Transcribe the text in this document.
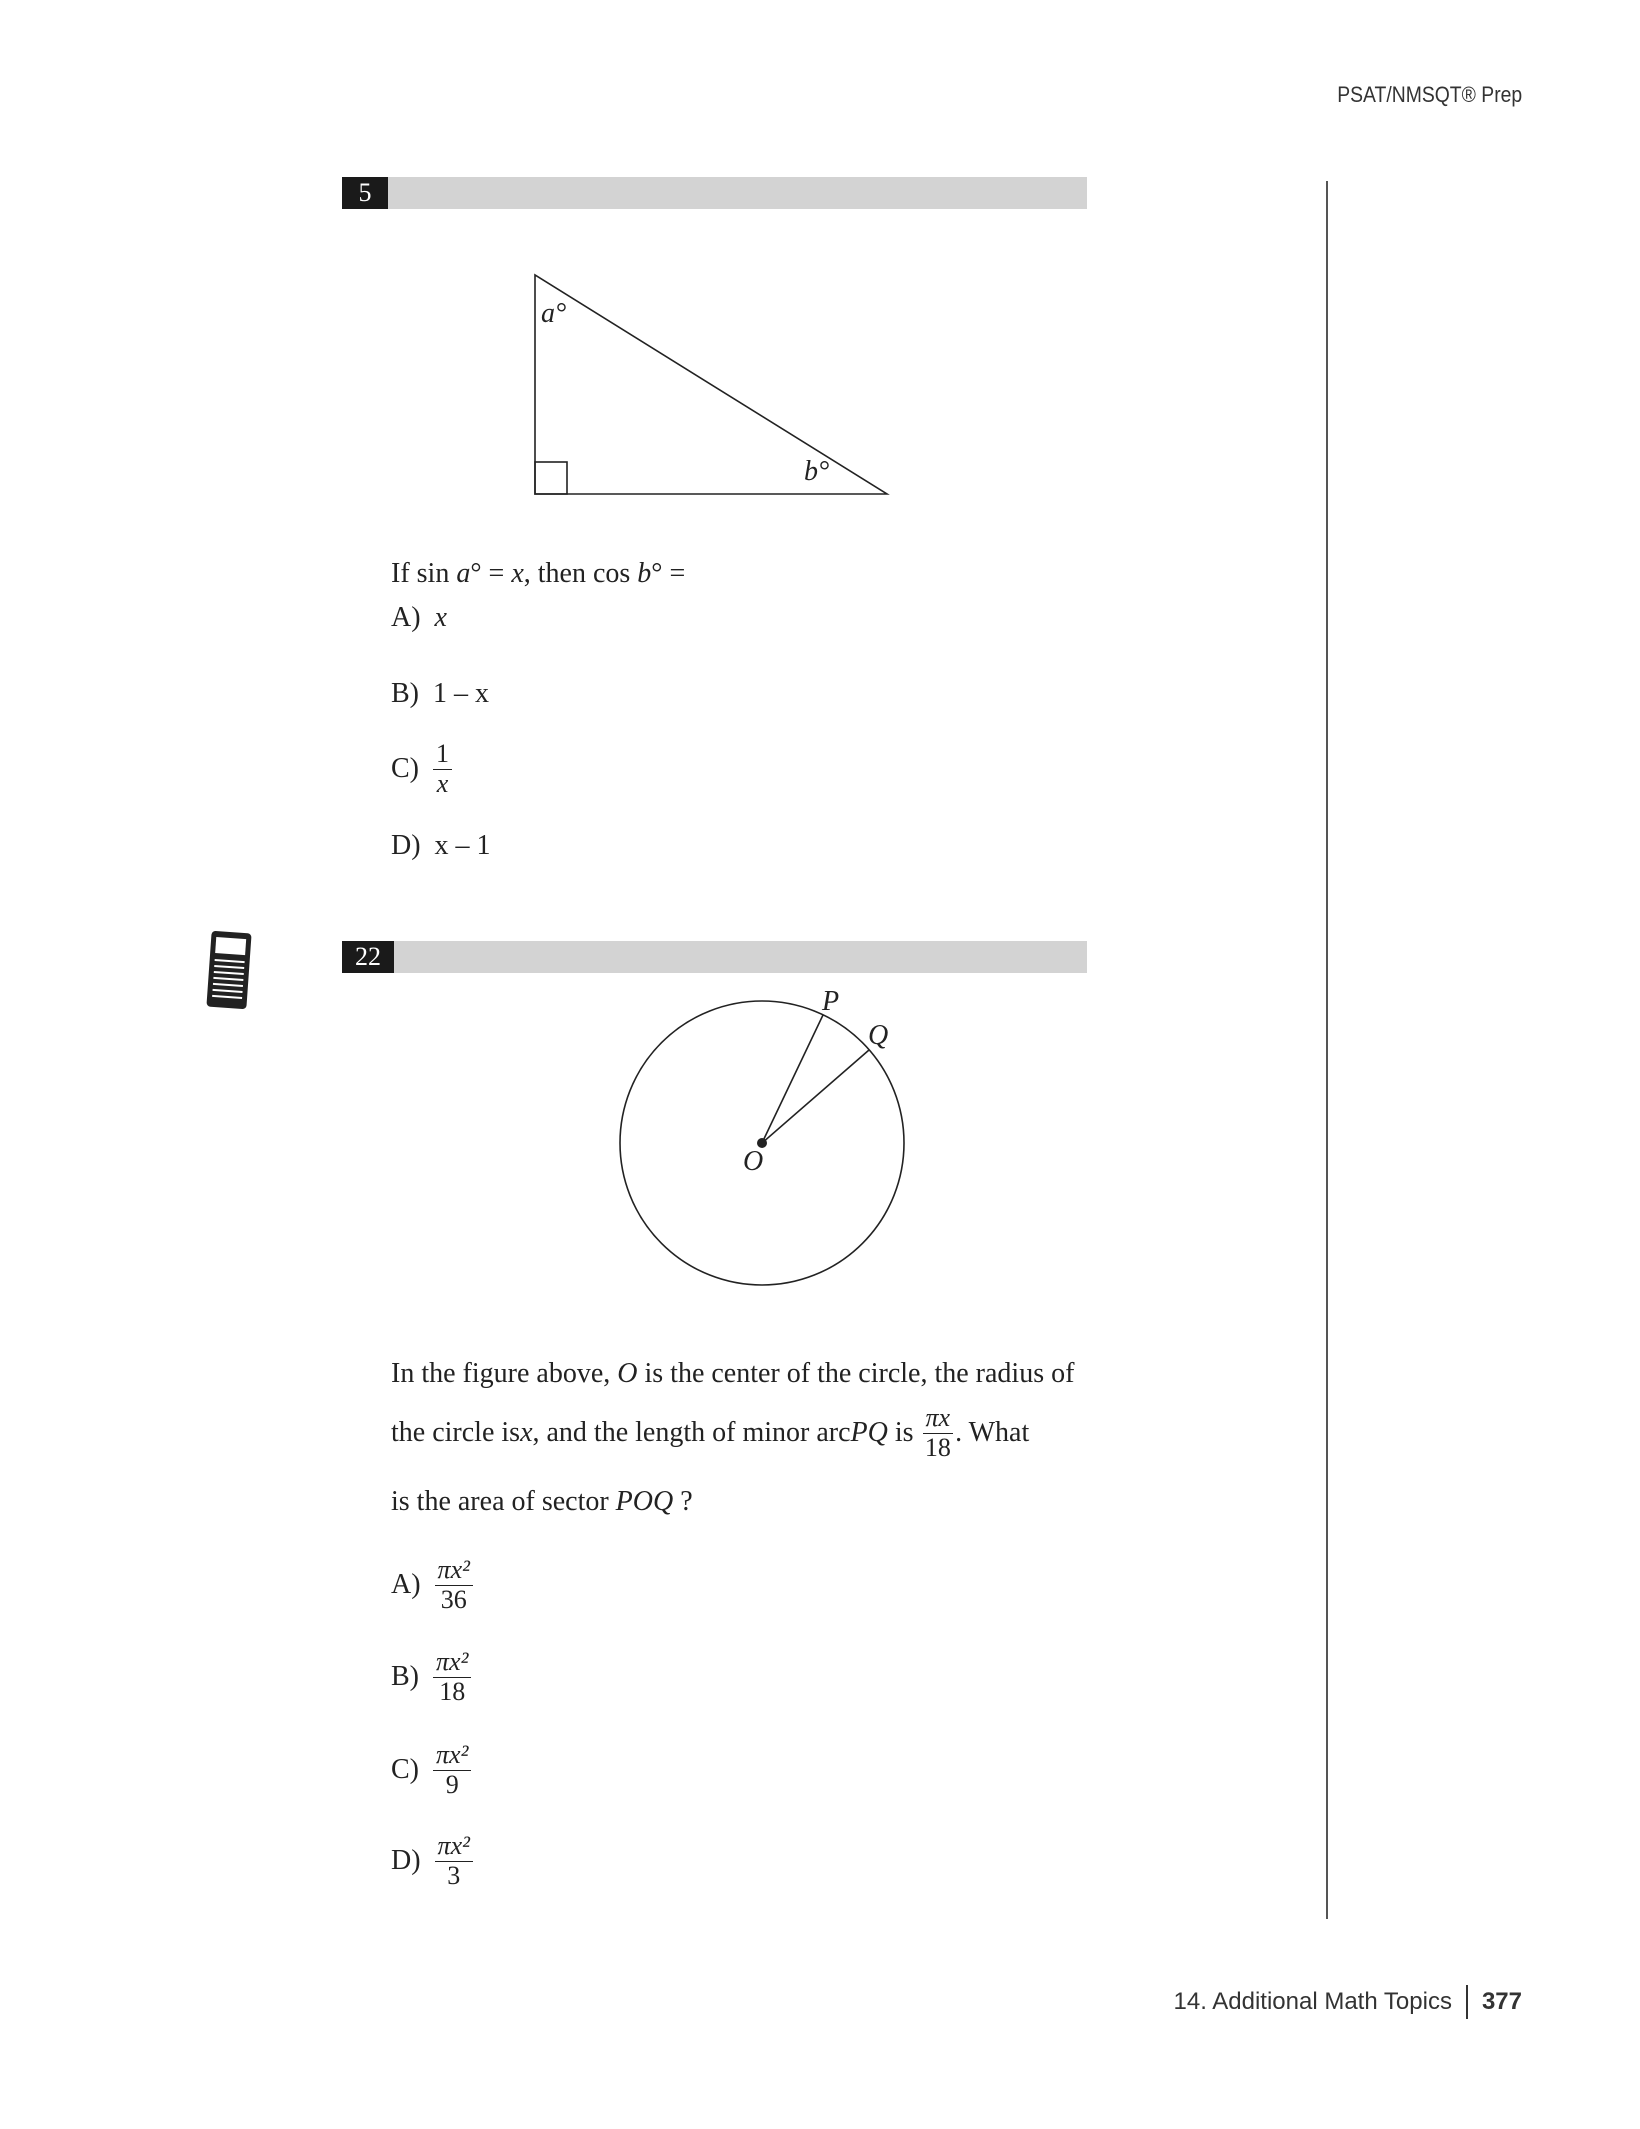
PSAT/NMSQT® Prep
5
a°
b°
If sin a° = x, then cos b° =
A) x
B) 1 – x
$C) \frac{1}{x}$
D) x – 1
22
P
Q
O
In the figure above, O is the center of the circle, the radius of
the circle is x , and the length of minor arc PQ is $\frac{\pi x}{18}$ . What
is the area of sector POQ ?
$A) \frac{\text{πx²}}{36}$
$B) \frac{\text{πx²}}{18}$
$C) \frac{\text{πx²}}{9}$
$D) \frac{\text{πx²}}{3}$
14. Additional Math Topics 377
